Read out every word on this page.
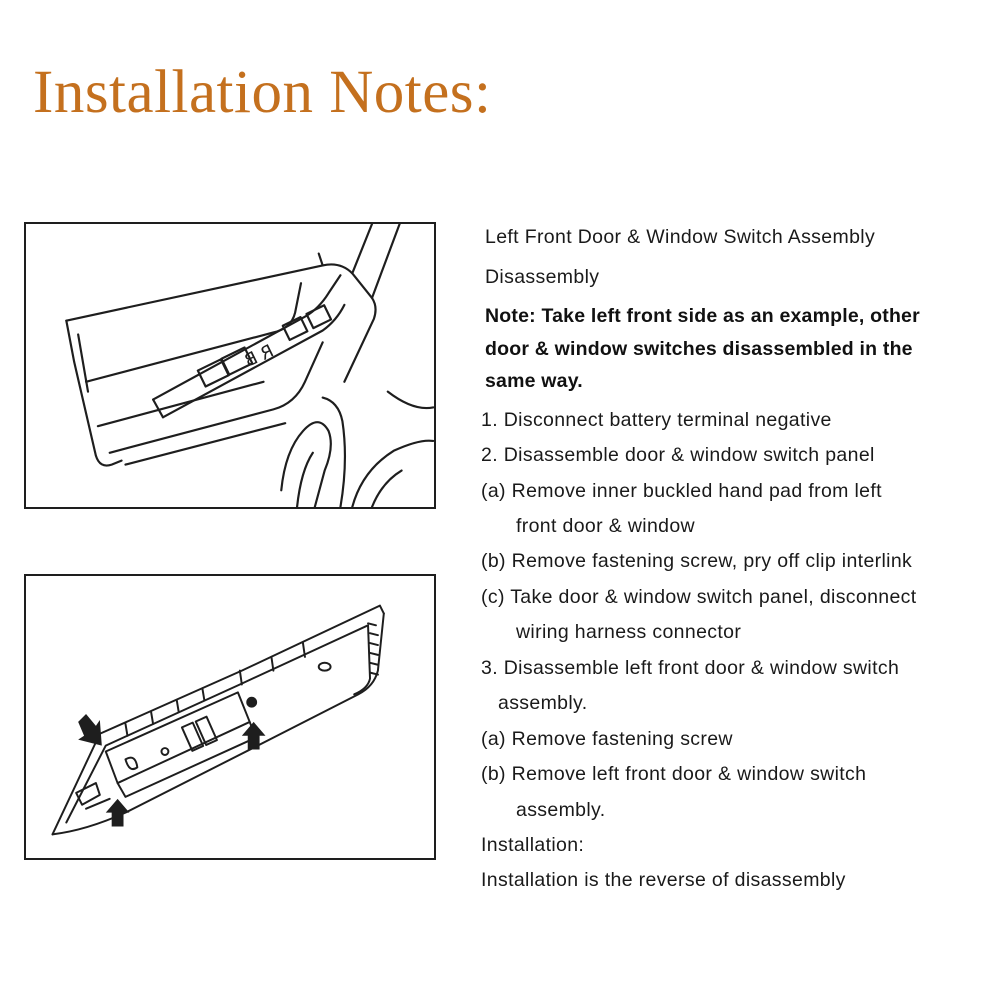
Installation Notes:
B
R
Left Front Door & Window Switch Assembly
Disassembly
Note: Take left front side as an example, other
door & window switches disassembled in the
same way.
1. Disconnect battery terminal negative
2. Disassemble door & window switch panel
(a) Remove inner buckled hand pad from left
front door & window
(b) Remove fastening screw, pry off clip interlink
(c) Take door & window switch panel, disconnect
wiring harness connector
3. Disassemble left front door & window switch
assembly.
(a) Remove fastening screw
(b) Remove left front door & window switch
assembly.
Installation:
Installation is the reverse of disassembly
